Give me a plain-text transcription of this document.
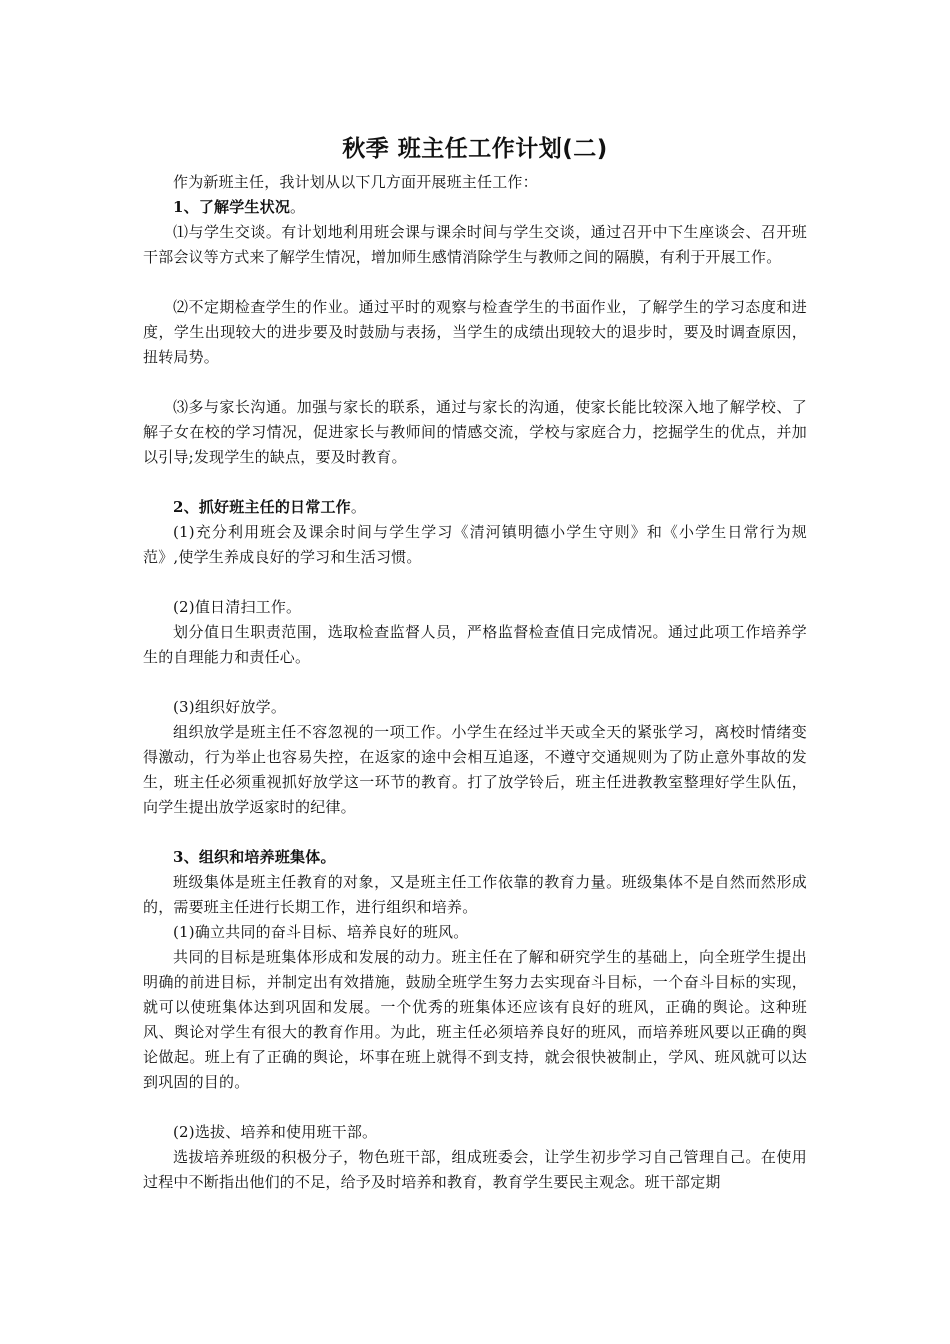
秋季 班主任工作计划(二)

作为新班主任，我计划从以下几方面开展班主任工作：

1、了解学生状况。

⑴与学生交谈。有计划地利用班会课与课余时间与学生交谈，通过召开中下生座谈会、召开班干部会议等方式来了解学生情况，增加师生感情消除学生与教师之间的隔膜，有利于开展工作。

⑵不定期检查学生的作业。通过平时的观察与检查学生的书面作业，了解学生的学习态度和进度，学生出现较大的进步要及时鼓励与表扬，当学生的成绩出现较大的退步时，要及时调查原因，扭转局势。

⑶多与家长沟通。加强与家长的联系，通过与家长的沟通，使家长能比较深入地了解学校、了解子女在校的学习情况，促进家长与教师间的情感交流，学校与家庭合力，挖掘学生的优点，并加以引导;发现学生的缺点，要及时教育。

2、抓好班主任的日常工作。

(1)充分利用班会及课余时间与学生学习《清河镇明德小学生守则》和《小学生日常行为规范》,使学生养成良好的学习和生活习惯。

(2)值日清扫工作。

划分值日生职责范围，选取检查监督人员，严格监督检查值日完成情况。通过此项工作培养学生的自理能力和责任心。

(3)组织好放学。

组织放学是班主任不容忽视的一项工作。小学生在经过半天或全天的紧张学习，离校时情绪变得激动，行为举止也容易失控，在返家的途中会相互追逐，不遵守交通规则为了防止意外事故的发生，班主任必须重视抓好放学这一环节的教育。打了放学铃后，班主任进教教室整理好学生队伍，向学生提出放学返家时的纪律。

3、组织和培养班集体。

班级集体是班主任教育的对象，又是班主任工作依靠的教育力量。班级集体不是自然而然形成的，需要班主任进行长期工作，进行组织和培养。

(1)确立共同的奋斗目标、培养良好的班风。

共同的目标是班集体形成和发展的动力。班主任在了解和研究学生的基础上，向全班学生提出明确的前进目标，并制定出有效措施，鼓励全班学生努力去实现奋斗目标，一个奋斗目标的实现，就可以使班集体达到巩固和发展。一个优秀的班集体还应该有良好的班风，正确的舆论。这种班风、舆论对学生有很大的教育作用。为此，班主任必须培养良好的班风，而培养班风要以正确的舆论做起。班上有了正确的舆论，坏事在班上就得不到支持，就会很快被制止，学风、班风就可以达到巩固的目的。

(2)选拔、培养和使用班干部。

选拔培养班级的积极分子，物色班干部，组成班委会，让学生初步学习自己管理自己。在使用过程中不断指出他们的不足，给予及时培养和教育，教育学生要民主观念。班干部定期
